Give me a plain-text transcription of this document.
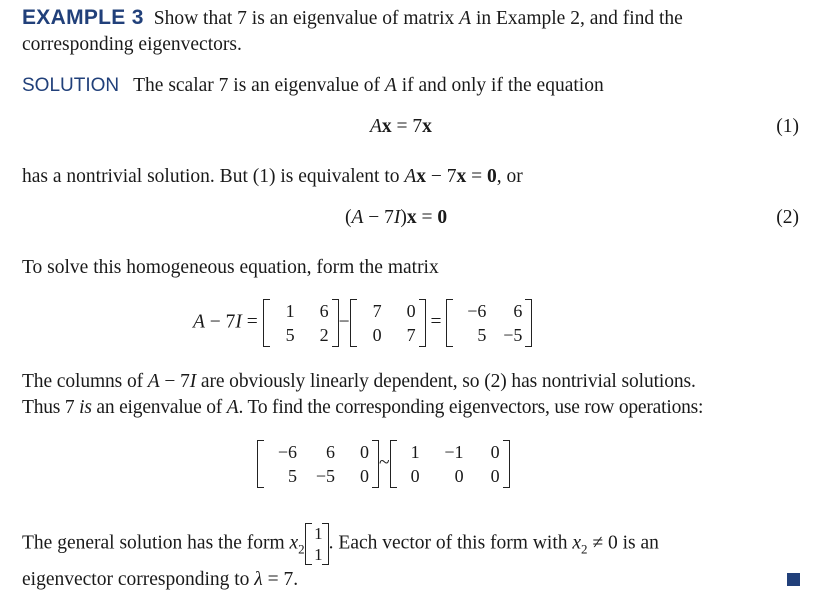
EXAMPLE 3 Show that 7 is an eigenvalue of matrix A in Example 2, and find the
corresponding eigenvectors.
SOLUTION The scalar 7 is an eigenvalue of A if and only if the equation
Ax = 7x	(1)
has a nontrivial solution. But (1) is equivalent to Ax − 7x = 0, or
(A − 7I)x = 0	(2)
To solve this homogeneous equation, form the matrix
A − 7I =
1	6
5	2
−
7	0
0	7
=
−6	6
5 −5
The columns of A − 7I are obviously linearly dependent, so (2) has nontrivial solutions.
Thus 7 is an eigenvalue of A. To find the corresponding eigenvectors, use row operations:
−6	6	0
5	−5	0
~
1	−1	0
0	0	0
The general solution has the form $x_2$
1
1
. Each vector of this form with $x_2 \ne 0$ is an
eigenvector corresponding to λ = 7.
